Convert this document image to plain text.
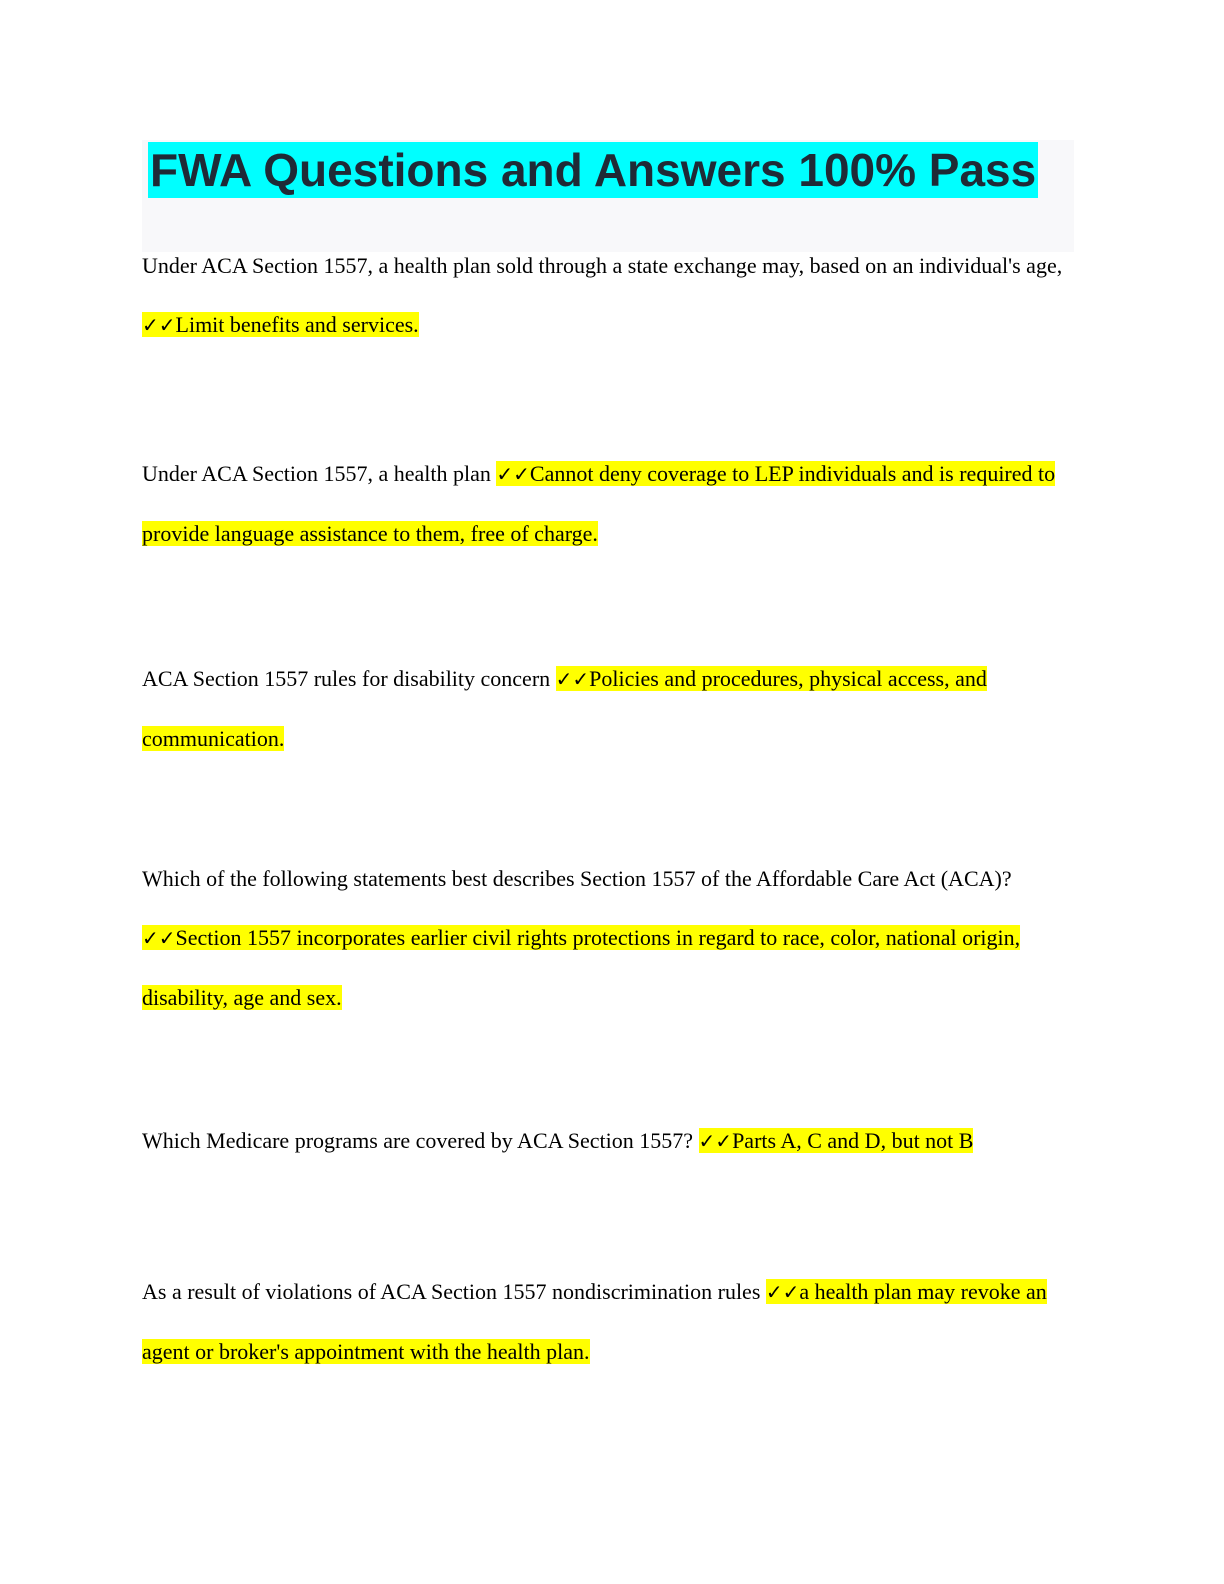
FWA Questions and Answers 100% Pass

Under ACA Section 1557, a health plan sold through a state exchange may, based on an individual's age, ✓✓Limit benefits and services.

Under ACA Section 1557, a health plan ✓✓Cannot deny coverage to LEP individuals and is required to provide language assistance to them, free of charge.

ACA Section 1557 rules for disability concern ✓✓Policies and procedures, physical access, and communication.

Which of the following statements best describes Section 1557 of the Affordable Care Act (ACA)? ✓✓Section 1557 incorporates earlier civil rights protections in regard to race, color, national origin, disability, age and sex.

Which Medicare programs are covered by ACA Section 1557? ✓✓Parts A, C and D, but not B

As a result of violations of ACA Section 1557 nondiscrimination rules ✓✓a health plan may revoke an agent or broker's appointment with the health plan.
